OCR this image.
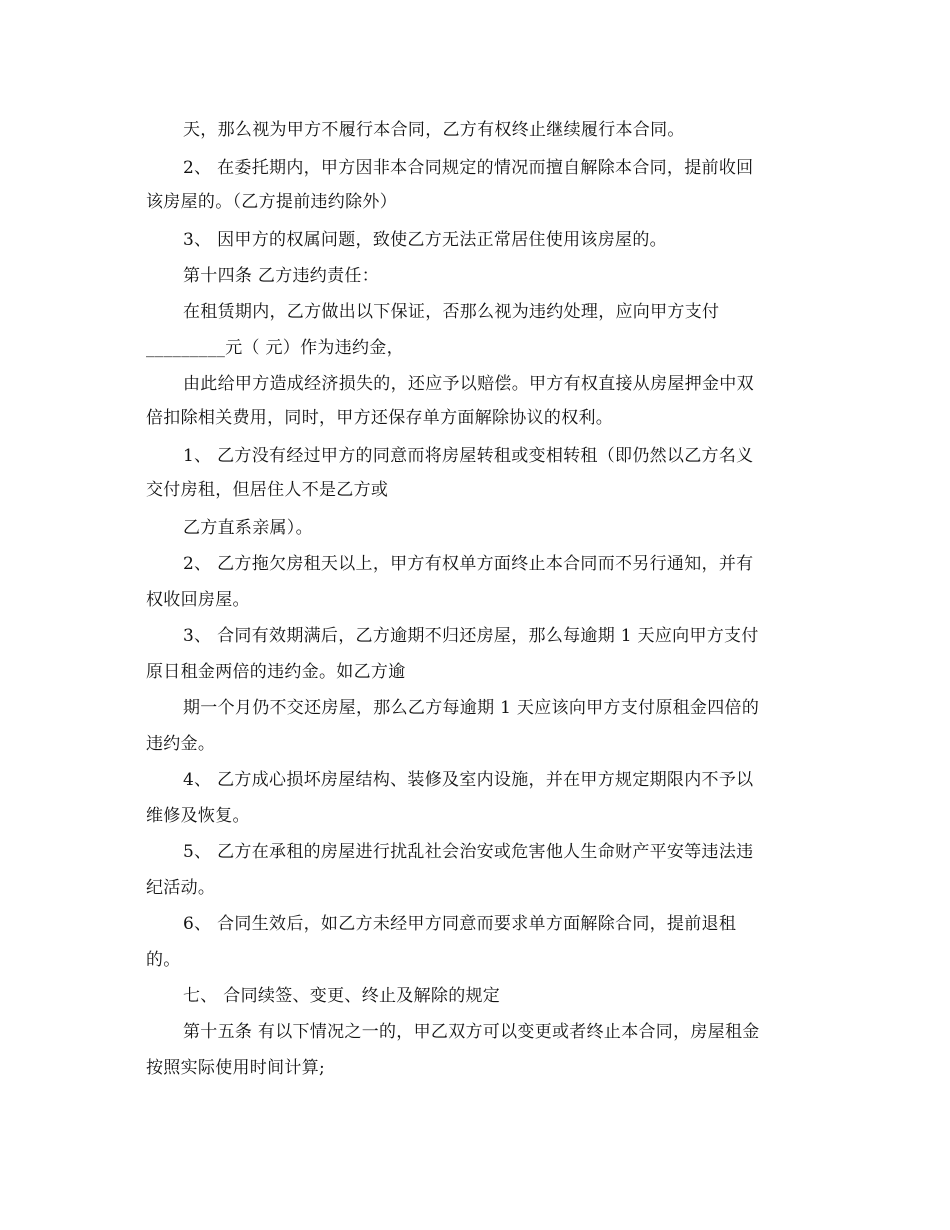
天，那么视为甲方不履行本合同，乙方有权终止继续履行本合同。
2、 在委托期内，甲方因非本合同规定的情况而擅自解除本合同，提前收回
该房屋的。（乙方提前违约除外）
3、 因甲方的权属问题，致使乙方无法正常居住使用该房屋的。
第十四条 乙方违约责任：
在租赁期内，乙方做出以下保证，否那么视为违约处理，应向甲方支付
_________元（ 元）作为违约金，
由此给甲方造成经济损失的，还应予以赔偿。甲方有权直接从房屋押金中双
倍扣除相关费用，同时，甲方还保存单方面解除协议的权利。
1、 乙方没有经过甲方的同意而将房屋转租或变相转租（即仍然以乙方名义
交付房租，但居住人不是乙方或
乙方直系亲属）。
2、 乙方拖欠房租天以上，甲方有权单方面终止本合同而不另行通知，并有
权收回房屋。
3、 合同有效期满后，乙方逾期不归还房屋，那么每逾期 1 天应向甲方支付
原日租金两倍的违约金。如乙方逾
期一个月仍不交还房屋，那么乙方每逾期 1 天应该向甲方支付原租金四倍的
违约金。
4、 乙方成心损坏房屋结构、装修及室内设施，并在甲方规定期限内不予以
维修及恢复。
5、 乙方在承租的房屋进行扰乱社会治安或危害他人生命财产平安等违法违
纪活动。
6、 合同生效后，如乙方未经甲方同意而要求单方面解除合同，提前退租
的。
七、 合同续签、变更、终止及解除的规定
第十五条 有以下情况之一的，甲乙双方可以变更或者终止本合同，房屋租金
按照实际使用时间计算;
